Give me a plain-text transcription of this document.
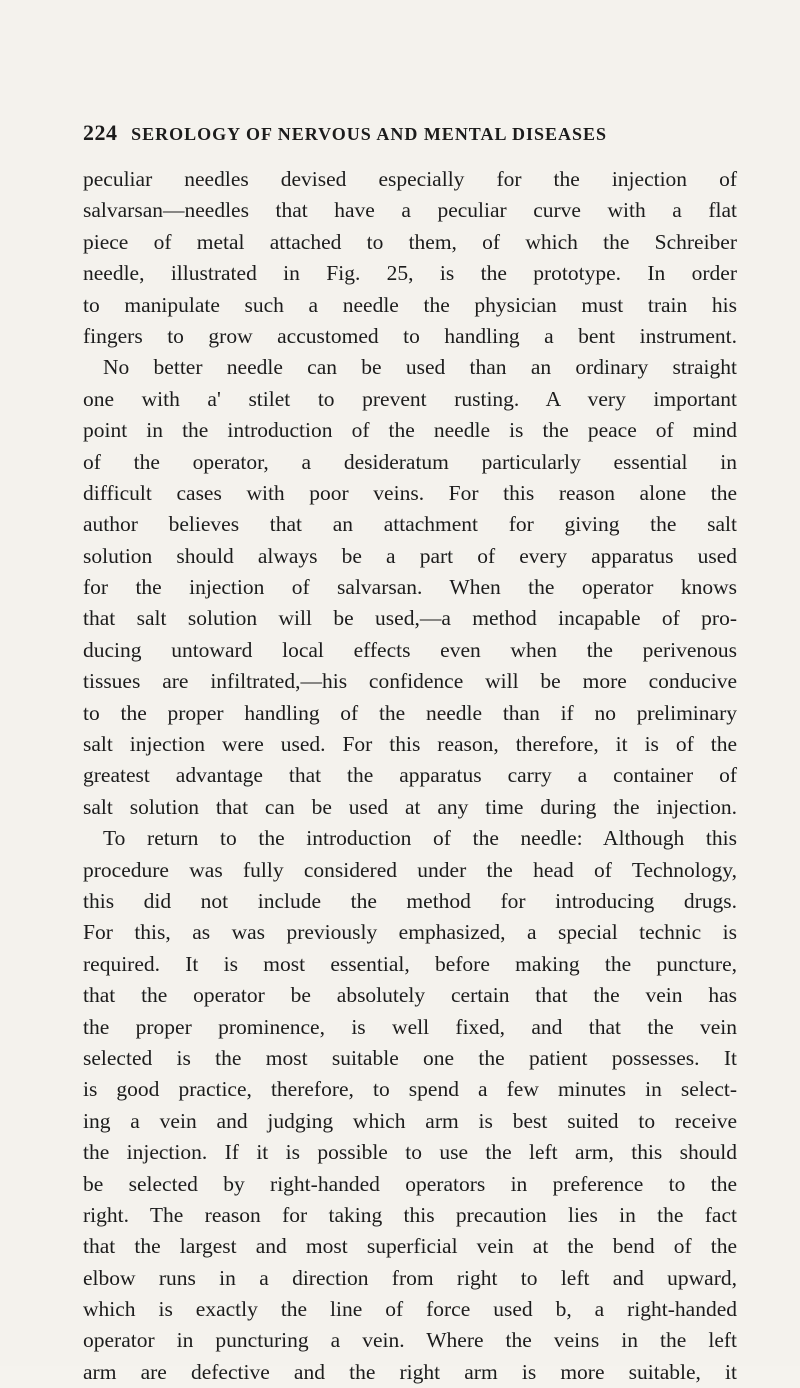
224 SEROLOGY OF NERVOUS AND MENTAL DISEASES
peculiar needles devised especially for the injection of
salvarsan—needles that have a peculiar curve with a flat
piece of metal attached to them, of which the Schreiber
needle, illustrated in Fig. 25, is the prototype. In order
to manipulate such a needle the physician must train his
fingers to grow accustomed to handling a bent instrument.
No better needle can be used than an ordinary straight
one with a' stilet to prevent rusting. A very important
point in the introduction of the needle is the peace of mind
of the operator, a desideratum particularly essential in
difficult cases with poor veins. For this reason alone the
author believes that an attachment for giving the salt
solution should always be a part of every apparatus used
for the injection of salvarsan. When the operator knows
that salt solution will be used,—a method incapable of pro-
ducing untoward local effects even when the perivenous
tissues are infiltrated,—his confidence will be more conducive
to the proper handling of the needle than if no preliminary
salt injection were used. For this reason, therefore, it is of the
greatest advantage that the apparatus carry a container of
salt solution that can be used at any time during the injection.
To return to the introduction of the needle: Although this
procedure was fully considered under the head of Technology,
this did not include the method for introducing drugs.
For this, as was previously emphasized, a special technic is
required. It is most essential, before making the puncture,
that the operator be absolutely certain that the vein has
the proper prominence, is well fixed, and that the vein
selected is the most suitable one the patient possesses. It
is good practice, therefore, to spend a few minutes in select-
ing a vein and judging which arm is best suited to receive
the injection. If it is possible to use the left arm, this should
be selected by right-handed operators in preference to the
right. The reason for taking this precaution lies in the fact
that the largest and most superficial vein at the bend of the
elbow runs in a direction from right to left and upward,
which is exactly the line of force used b, a right-handed
operator in puncturing a vein. Where the veins in the left
arm are defective and the right arm is more suitable, it
